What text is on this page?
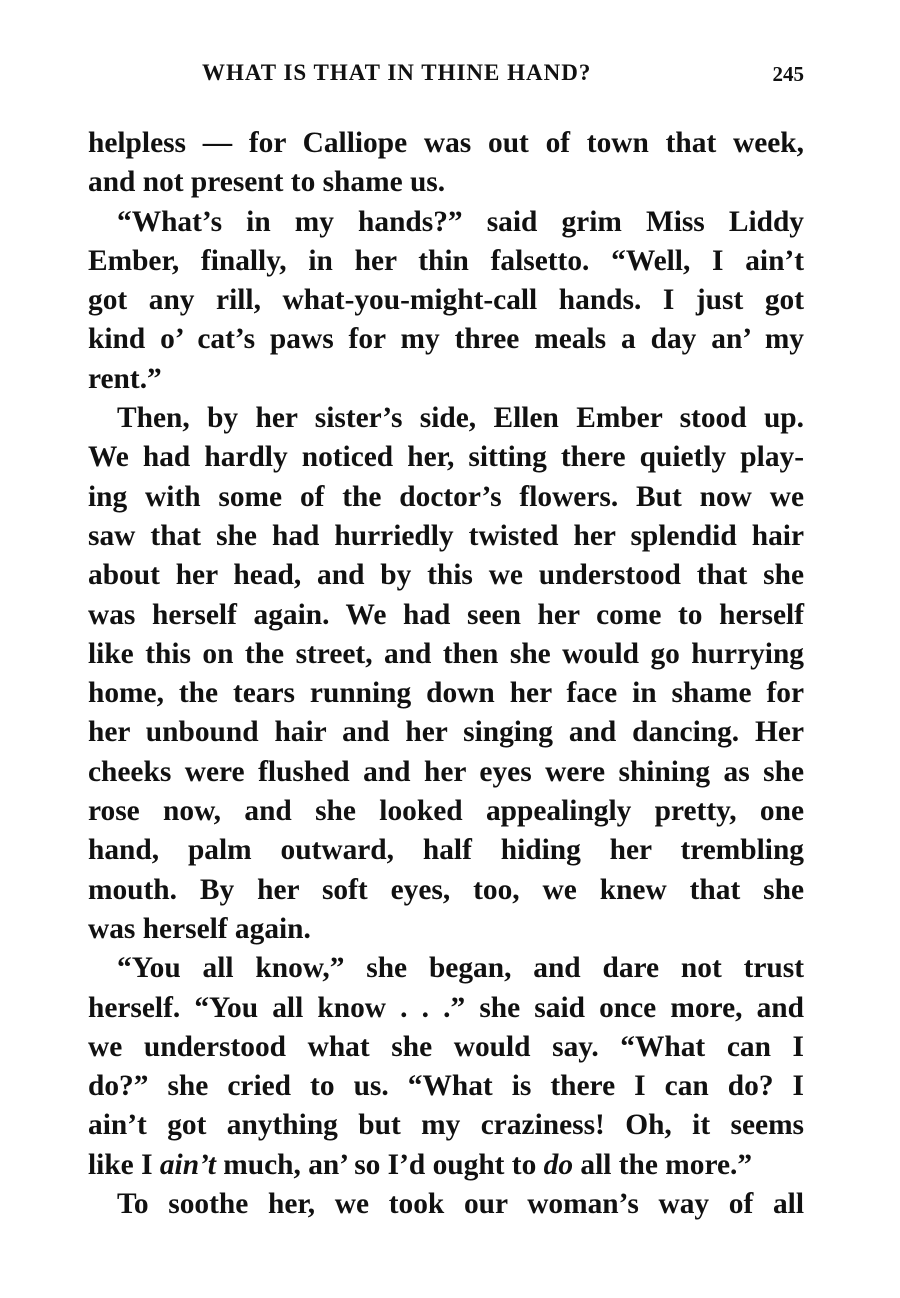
WHAT IS THAT IN THINE HAND?	245
helpless — for Calliope was out of town that week,
and not present to shame us.
“What’s in my hands?” said grim Miss Liddy
Ember, finally, in her thin falsetto. “Well, I ain’t
got any rill, what-you-might-call hands. I just got
kind o’ cat’s paws for my three meals a day an’ my
rent.”
Then, by her sister’s side, Ellen Ember stood up.
We had hardly noticed her, sitting there quietly play-
ing with some of the doctor’s flowers. But now we
saw that she had hurriedly twisted her splendid hair
about her head, and by this we understood that she
was herself again. We had seen her come to herself
like this on the street, and then she would go hurrying
home, the tears running down her face in shame for
her unbound hair and her singing and dancing. Her
cheeks were flushed and her eyes were shining as she
rose now, and she looked appealingly pretty, one
hand, palm outward, half hiding her trembling
mouth. By her soft eyes, too, we knew that she
was herself again.
“You all know,” she began, and dare not trust
herself. “You all know . . .” she said once more, and
we understood what she would say. “What can I
do?” she cried to us. “What is there I can do? I
ain’t got anything but my craziness! Oh, it seems
like I ain’t much, an’ so I’d ought to do all the more.”
To soothe her, we took our woman’s way of all
